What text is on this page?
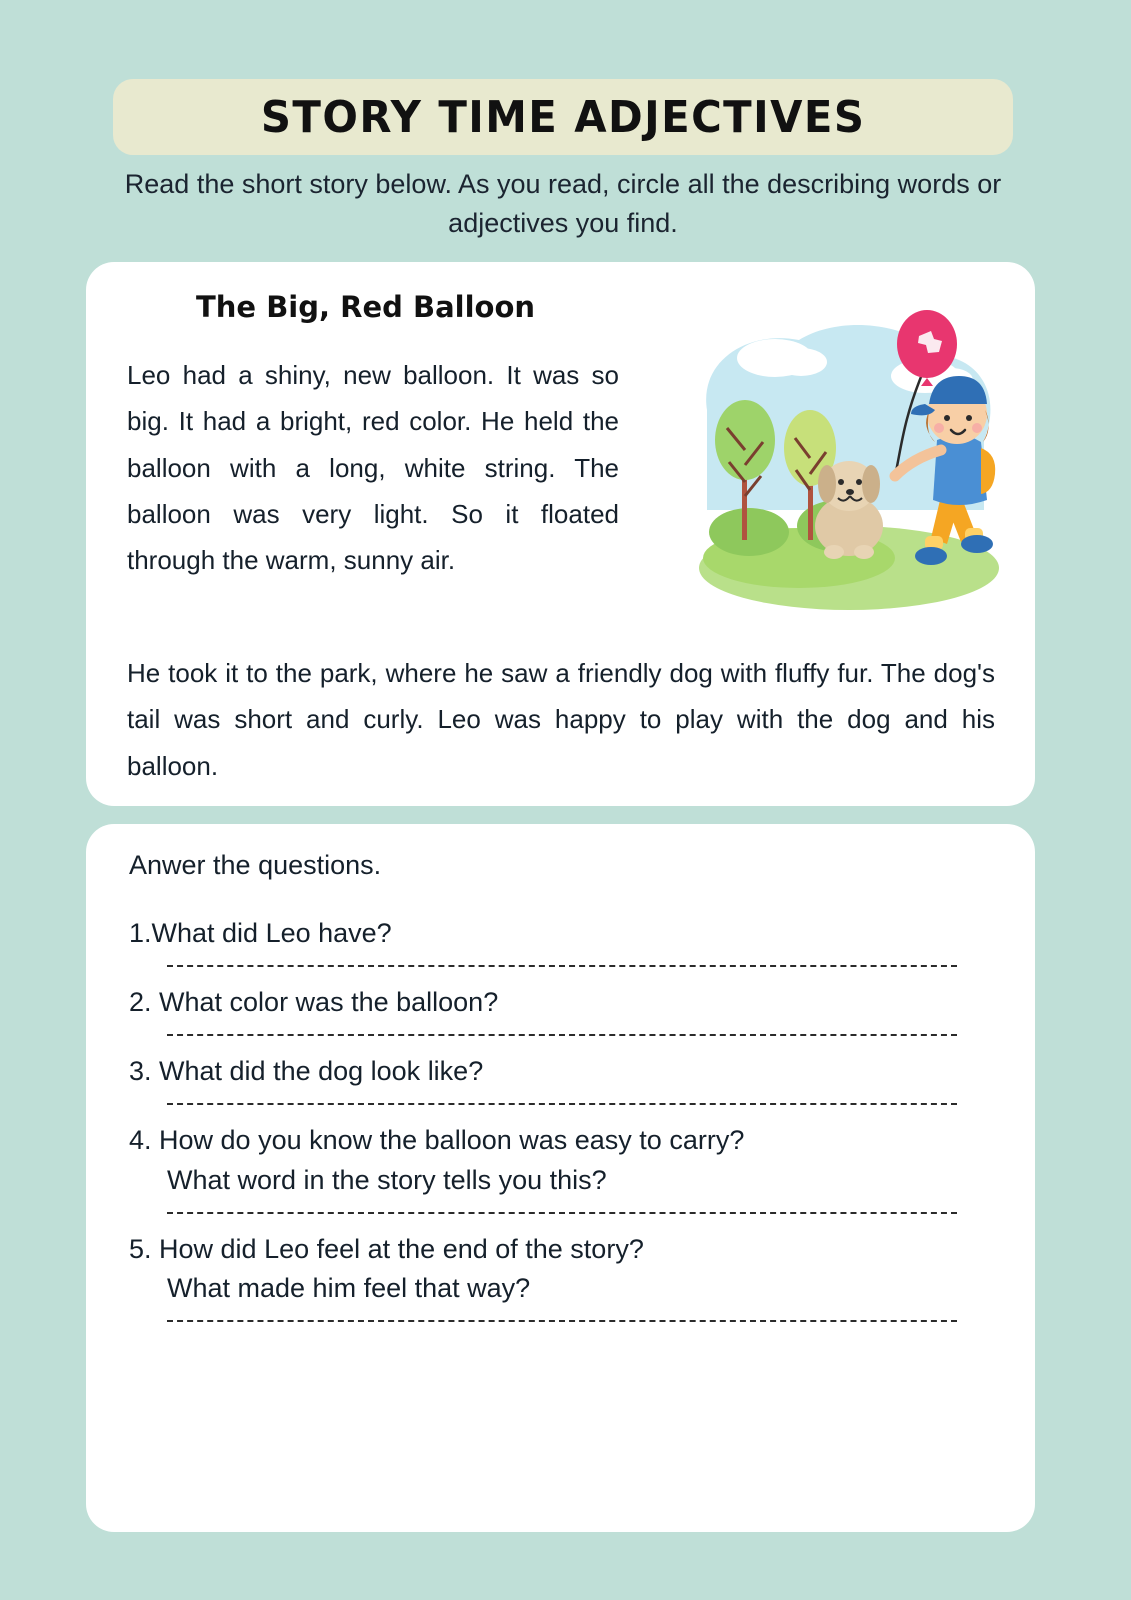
STORY TIME ADJECTIVES
Read the short story below. As you read, circle all the describing words or adjectives you find.
The Big, Red Balloon
Leo had a shiny, new balloon. It was so big. It had a bright, red color. He held the balloon with a long, white string. The balloon was very light. So it floated through the warm, sunny air.
He took it to the park, where he saw a friendly dog with fluffy fur. The dog's tail was short and curly. Leo was happy to play with the dog and his balloon.
Anwer the questions.
1.What did Leo have?
2. What color was the balloon?
3. What did the dog look like?
4. How do you know the balloon was easy to carry?
What word in the story tells you this?
5. How did Leo feel at the end of the story?
What made him feel that way?
